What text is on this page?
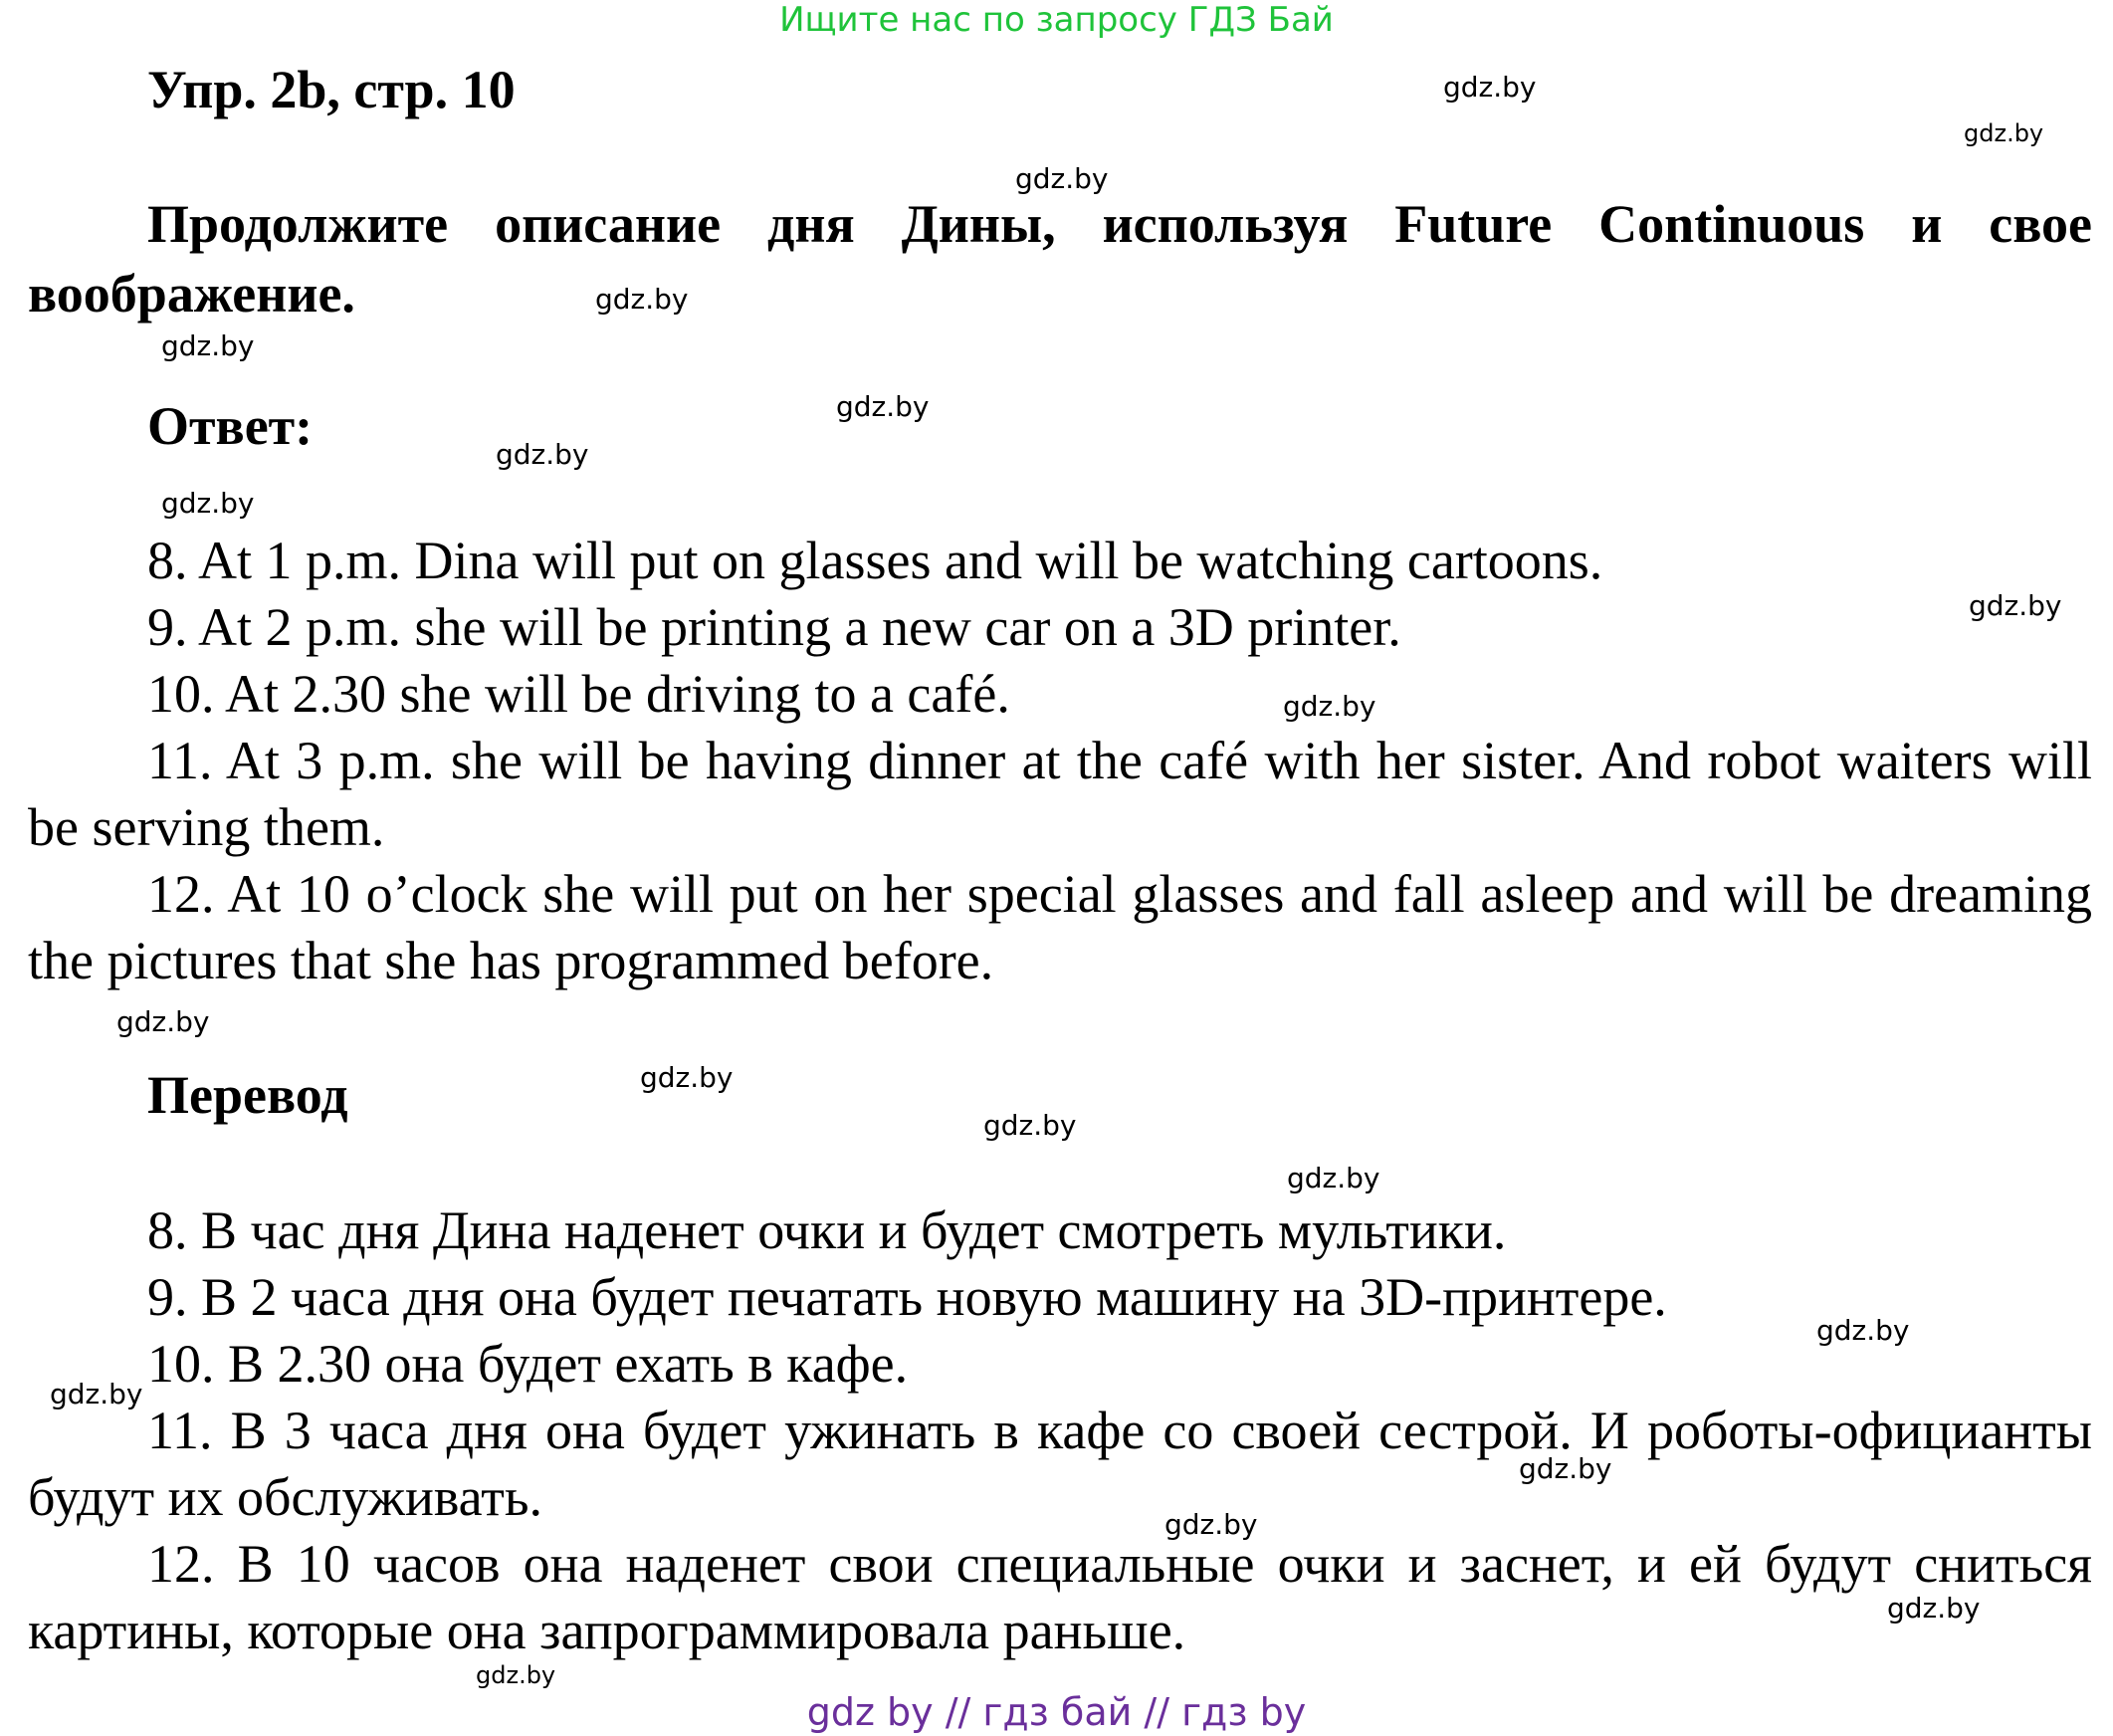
Ищите нас по запросу ГДЗ Бай
Упр. 2b, стр. 10
Продолжите описание дня Дины, используя Future Continuous и свое воображение.
Ответ:

8. At 1 p.m. Dina will put on glasses and will be watching cartoons.

9. At 2 p.m. she will be printing a new car on a 3D printer.

10. At 2.30 she will be driving to a café.

11. At 3 p.m. she will be having dinner at the café with her sister. And robot waiters will be serving them.

12. At 10 o’clock she will put on her special glasses and fall asleep and will be dreaming the pictures that she has programmed before.

Перевод

8. В час дня Дина наденет очки и будет смотреть мультики.

9. В 2 часа дня она будет печатать новую машину на 3D-принтере.

10. В 2.30 она будет ехать в кафе.

11. В 3 часа дня она будет ужинать в кафе со своей сестрой. И роботы-официанты будут их обслуживать.

12. В 10 часов она наденет свои специальные очки и заснет, и ей будут сниться картины, которые она запрограммировала раньше.

gdz.by
gdz.by
gdz.by
gdz.by
gdz.by
gdz.by
gdz.by
gdz.by
gdz.by
gdz.by
gdz.by
gdz.by
gdz.by
gdz.by
gdz.by
gdz.by
gdz.by
gdz.by
gdz.by
gdz.by
gdz by // гдз бай // гдз by
